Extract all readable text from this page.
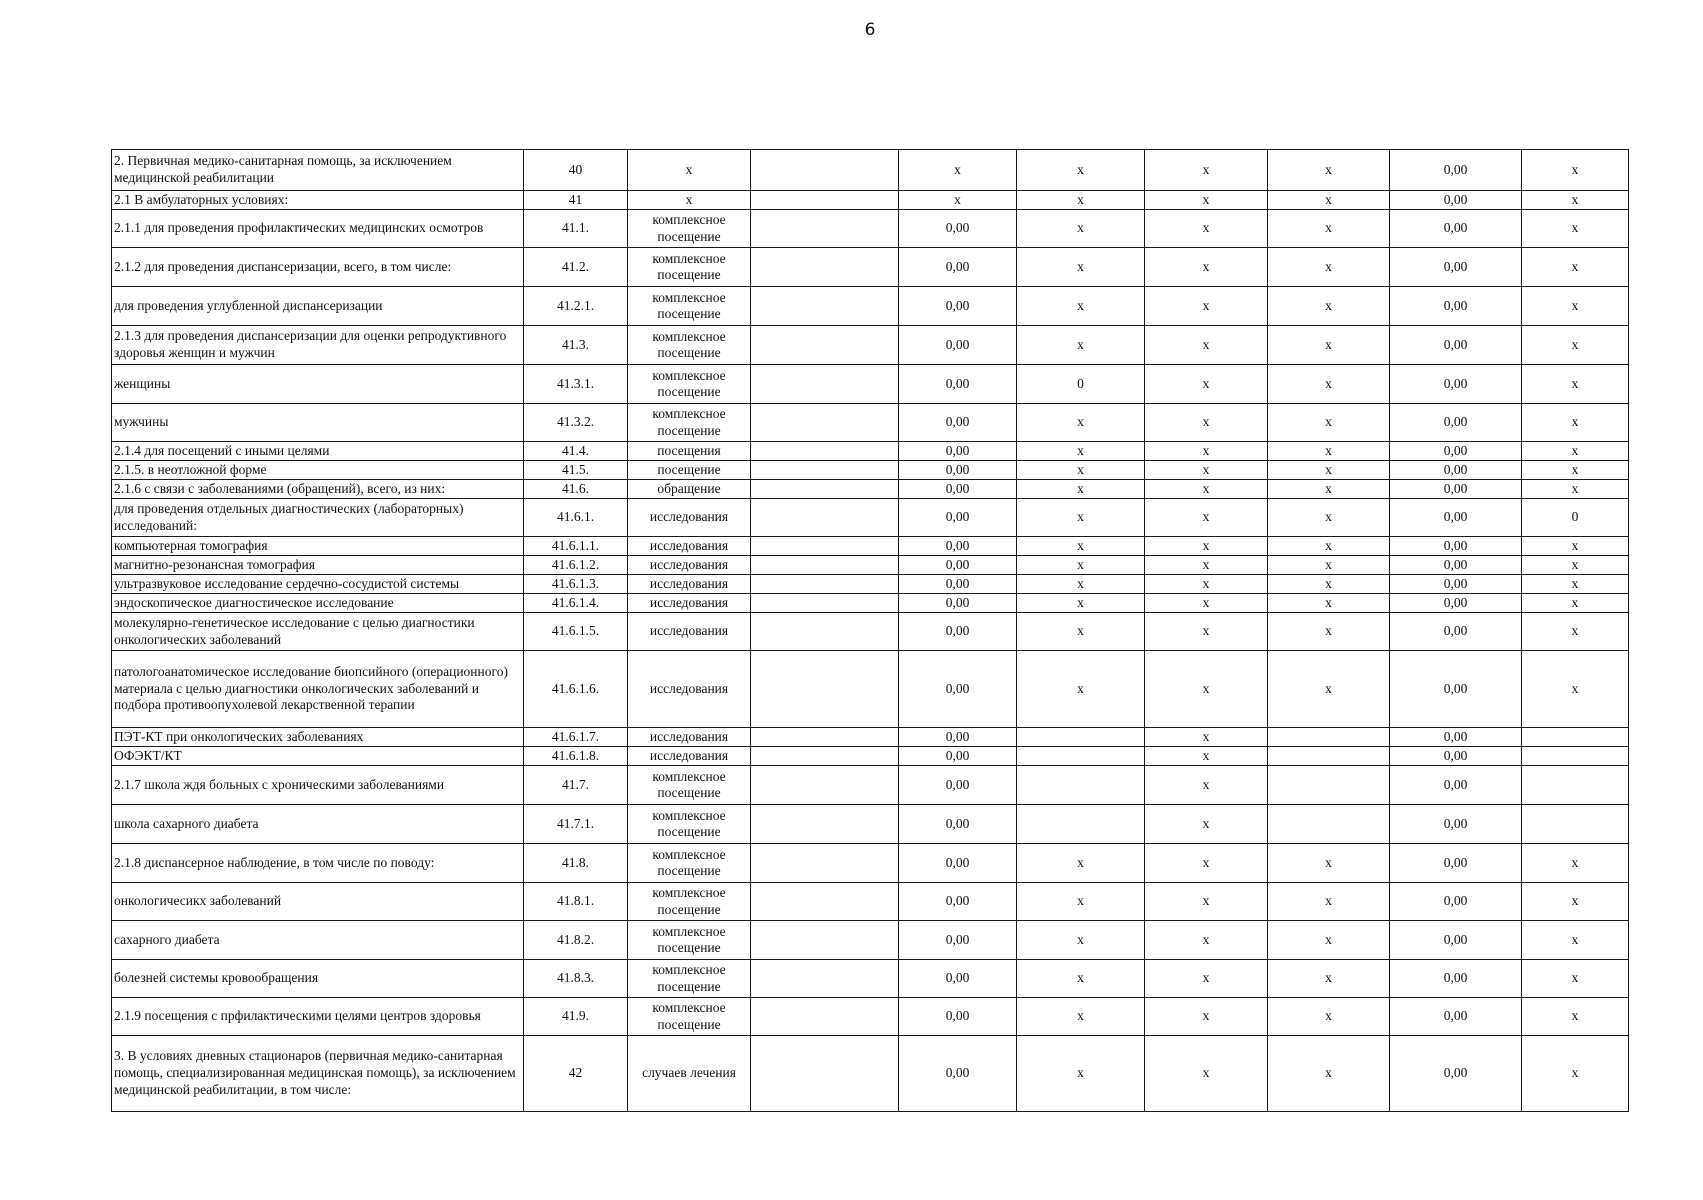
6
2. Первичная медико-санитарная помощь, за исключением медицинской реабилитации	40	х		х	х	х	х	0,00	х
2.1 В амбулаторных условиях:	41	х		х	х	х	х	0,00	х
2.1.1 для проведения профилактических медицинских осмотров	41.1.	комплексное посещение		0,00	х	х	х	0,00	х
2.1.2 для проведения диспансеризации, всего, в том числе:	41.2.	комплексное посещение		0,00	х	х	х	0,00	х
для проведения углубленной диспансеризации	41.2.1.	комплексное посещение		0,00	х	х	х	0,00	х
2.1.3 для проведения диспансеризации для оценки репродуктивного здоровья женщин и мужчин	41.3.	комплексное посещение		0,00	х	х	х	0,00	х
женщины	41.3.1.	комплексное посещение		0,00	0	х	х	0,00	х
мужчины	41.3.2.	комплексное посещение		0,00	х	х	х	0,00	х
2.1.4 для посещений с иными целями	41.4.	посещения		0,00	х	х	х	0,00	х
2.1.5. в неотложной форме	41.5.	посещение		0,00	х	х	х	0,00	х
2.1.6 с связи с заболеваниями (обращений), всего, из них:	41.6.	обращение		0,00	х	х	х	0,00	х
для проведения отдельных диагностических (лабораторных) исследований:	41.6.1.	исследования		0,00	х	х	х	0,00	0
компьютерная томография	41.6.1.1.	исследования		0,00	х	х	х	0,00	х
магнитно-резонансная томография	41.6.1.2.	исследования		0,00	х	х	х	0,00	х
ультразвуковое исследование сердечно-сосудистой системы	41.6.1.3.	исследования		0,00	х	х	х	0,00	х
эндоскопическое диагностическое исследование	41.6.1.4.	исследования		0,00	х	х	х	0,00	х
молекулярно-генетическое исследование с целью диагностики онкологических заболеваний	41.6.1.5.	исследования		0,00	х	х	х	0,00	х
патологоанатомическое исследование биопсийного (операционного) материала с целью диагностики онкологических заболеваний и подбора противоопухолевой лекарственной терапии	41.6.1.6.	исследования		0,00	х	х	х	0,00	х
ПЭТ-КТ при онкологических заболеваниях	41.6.1.7.	исследования		0,00		х		0,00	
ОФЭКТ/КТ	41.6.1.8.	исследования		0,00		х		0,00	
2.1.7 школа ждя больных с хроническими заболеваниями	41.7.	комплексное посещение		0,00		х		0,00	
школа сахарного диабета	41.7.1.	комплексное посещение		0,00		х		0,00	
2.1.8 диспансерное наблюдение, в том числе по поводу:	41.8.	комплексное посещение		0,00	х	х	х	0,00	х
онкологичесикх заболеваний	41.8.1.	комплексное посещение		0,00	х	х	х	0,00	х
сахарного диабета	41.8.2.	комплексное посещение		0,00	х	х	х	0,00	х
болезней системы кровообращения	41.8.3.	комплексное посещение		0,00	х	х	х	0,00	х
2.1.9 посещения с прфилактическими целями центров здоровья	41.9.	комплексное посещение		0,00	х	х	х	0,00	х
3. В условиях дневных стационаров (первичная медико-санитарная помощь, специализированная медицинская помощь), за исключением медицинской реабилитации, в том числе:	42	случаев лечения		0,00	х	х	х	0,00	х
